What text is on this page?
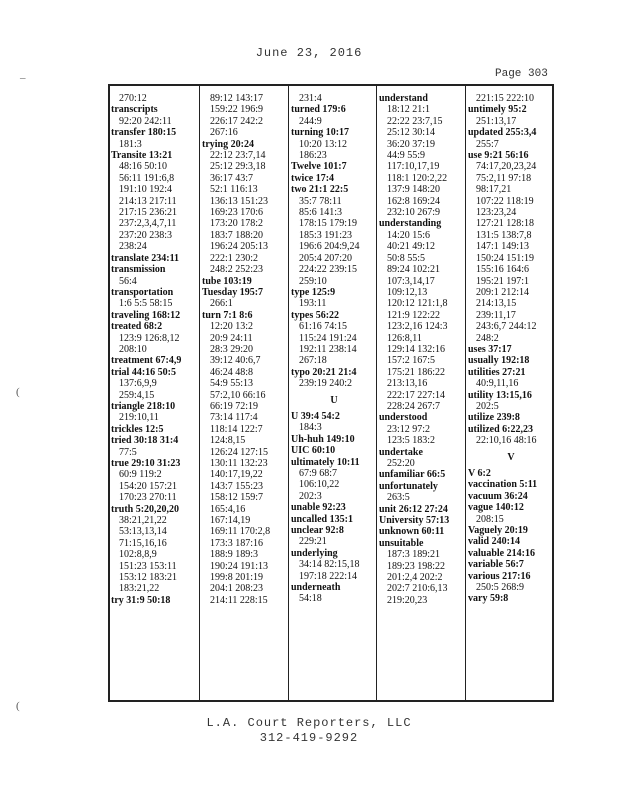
June 23, 2016
Page 303
270:12
transcripts
92:20 242:11
transfer 180:15
181:3
Transite 13:21
48:16 50:10
56:11 191:6,8
191:10 192:4
214:13 217:11
217:15 236:21
237:2,3,4,7,11
237:20 238:3
238:24
translate 234:11
transmission
56:4
transportation
1:6 5:5 58:15
traveling 168:12
treated 68:2
123:9 126:8,12
208:10
treatment 67:4,9
trial 44:16 50:5
137:6,9,9
259:4,15
triangle 218:10
219:10,11
trickles 12:5
tried 30:18 31:4
77:5
true 29:10 31:23
60:9 119:2
154:20 157:21
170:23 270:11
truth 5:20,20,20
38:21,21,22
53:13,13,14
71:15,16,16
102:8,8,9
151:23 153:11
153:12 183:21
183:21,22
try 31:9 50:18
89:12 143:17
159:22 196:9
226:17 242:2
267:16
trying 20:24
22:12 23:7,14
25:12 29:3,18
36:17 43:7
52:1 116:13
136:13 151:23
169:23 170:6
173:20 178:2
183:7 188:20
196:24 205:13
222:1 230:2
248:2 252:23
tube 103:19
Tuesday 195:7
266:1
turn 7:1 8:6
12:20 13:2
20:9 24:11
28:3 29:20
39:12 40:6,7
46:24 48:8
54:9 55:13
57:2,10 66:16
66:19 72:19
73:14 117:4
118:14 122:7
124:8,15
126:24 127:15
130:11 132:23
140:17,19,22
143:7 155:23
158:12 159:7
165:4,16
167:14,19
169:11 170:2,8
173:3 187:16
188:9 189:3
190:24 191:13
199:8 201:19
204:1 208:23
214:11 228:15
231:4
turned 179:6
244:9
turning 10:17
10:20 13:12
186:23
Twelve 101:7
twice 17:4
two 21:1 22:5
35:7 78:11
85:6 141:3
178:15 179:19
185:3 191:23
196:6 204:9,24
205:4 207:20
224:22 239:15
259:10
type 125:9
193:11
types 56:22
61:16 74:15
115:24 191:24
192:11 238:14
267:18
typo 20:21 21:4
239:19 240:2
U
U 39:4 54:2
184:3
Uh-huh 149:10
UIC 60:10
ultimately 10:11
67:9 68:7
106:10,22
202:3
unable 92:23
uncalled 135:1
unclear 92:8
229:21
underlying
34:14 82:15,18
197:18 222:14
underneath
54:18
understand
18:12 21:1
22:22 23:7,15
25:12 30:14
36:20 37:19
44:9 55:9
117:10,17,19
118:1 120:2,22
137:9 148:20
162:8 169:24
232:10 267:9
understanding
14:20 15:6
40:21 49:12
50:8 55:5
89:24 102:21
107:3,14,17
109:12,13
120:12 121:1,8
121:9 122:22
123:2,16 124:3
126:8,11
129:14 132:16
157:2 167:5
175:21 186:22
213:13,16
222:17 227:14
228:24 267:7
understood
23:12 97:2
123:5 183:2
undertake
252:20
unfamiliar 66:5
unfortunately
263:5
unit 26:12 27:24
University 57:13
unknown 60:11
unsuitable
187:3 189:21
189:23 198:22
201:2,4 202:2
202:7 210:6,13
219:20,23
221:15 222:10
untimely 95:2
251:13,17
updated 255:3,4
255:7
use 9:21 56:16
74:17,20,23,24
75:2,11 97:18
98:17,21
107:22 118:19
123:23,24
127:21 128:18
131:5 138:7,8
147:1 149:13
150:24 151:19
155:16 164:6
195:21 197:1
209:1 212:14
214:13,15
239:11,17
243:6,7 244:12
248:2
uses 37:17
usually 192:18
utilities 27:21
40:9,11,16
utility 13:15,16
202:5
utilize 239:8
utilized 6:22,23
22:10,16 48:16
V
V 6:2
vaccination 5:11
vacuum 36:24
vague 140:12
208:15
Vaguely 20:19
valid 240:14
valuable 214:16
variable 56:7
various 217:16
250:5 268:9
vary 59:8
–
(
(
L.A. Court Reporters, LLC
312-419-9292
